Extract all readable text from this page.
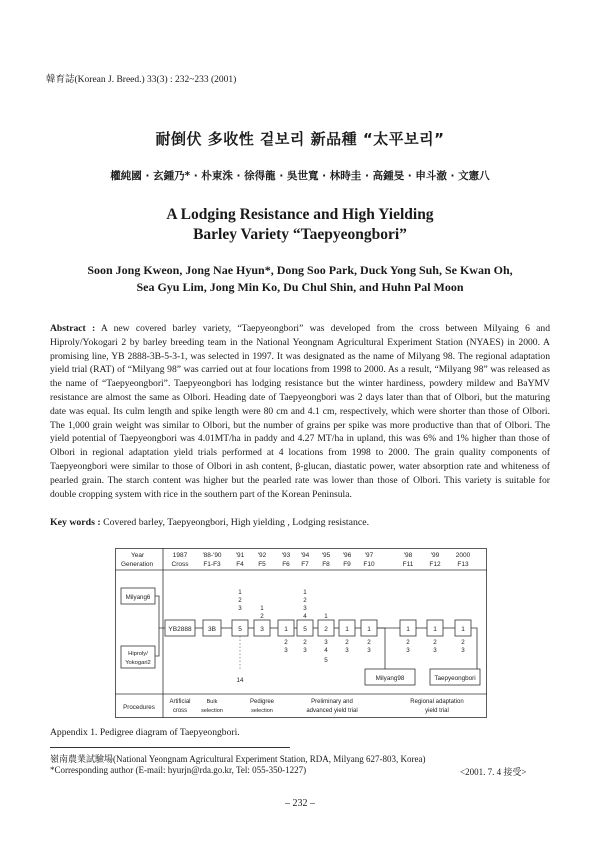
韓育誌(Korean J. Breed.) 33(3) : 232~233 (2001)
耐倒伏 多收性 겉보리 新品種 “太平보리”
權純國 · 玄鍾乃* · 朴東洙 · 徐得龍 · 吳世寬 · 林時圭 · 高鍾旻 · 申斗澈 · 文憲八
A Lodging Resistance and High Yielding
Barley Variety “Taepyeongbori”
Soon Jong Kweon, Jong Nae Hyun*, Dong Soo Park, Duck Yong Suh, Se Kwan Oh,
Sea Gyu Lim, Jong Min Ko, Du Chul Shin, and Huhn Pal Moon
Abstract : A new covered barley variety, “Taepyeongbori” was developed from the cross between Milyaing 6 and Hiproly/Yokogari 2 by barley breeding team in the National Yeongnam Agricultural Experiment Station (NYAES) in 2000. A promising line, YB 2888-3B-5-3-1, was selected in 1997. It was designated as the name of Milyang 98. The regional adaptation yield trial (RAT) of “Milyang 98” was carried out at four locations from 1998 to 2000. As a result, “Milyang 98” was released as the name of “Taepyeongbori”. Taepyeongbori has lodging resistance but the winter hardiness, powdery mildew and BaYMV resistance are almost the same as Olbori. Heading date of Taepyeongbori was 2 days later than that of Olbori, but the maturing date was equal. Its culm length and spike length were 80 cm and 4.1 cm, respectively, which were shorter than those of Olbori. The 1,000 grain weight was similar to Olbori, but the number of grains per spike was more productive than that of Olbori. The yield potential of Taepyeongbori was 4.01MT/ha in paddy and 4.27 MT/ha in upland, this was 6% and 1% higher than those of Olbori in regional adaptation yield trials performed at 4 locations from 1998 to 2000. The grain quality components of Taepyeongbori were similar to those of Olbori in ash content, β-glucan, diastatic power, water absorption rate and whiteness of pearled grain. The starch content was higher but the pearled rate was lower than those of Olbori. This variety is suitable for double cropping system with rice in the southern part of the Korean Peninsula.
Key words : Covered barley, Taepyeongbori, High yielding , Lodging resistance.
Year
Generation
1987 '88-'90 '91 '92 '93 '94 '95 '96 '97	'98	'99	2000
Cross F1-F3 F4 F5	F6 F7 F8 F9 F10	F11 F12	F13
Milyang6
Hiproly/
Yokogari2
YB2888	3B	5	3	1 5	2	1	1	1	1	1
1
2
3	1
2
1
2
3
4	1
14
2
3
2
3
3
4
5
2
3
2
3
2
3
2
3
2
3
Milyang98	Taepyeongbori
Procedures
Artificial
cross
Bulk
selection
Pedigree
selection
Preliminary and
advanced yield trial
Regional adaptation
yield trial
Appendix 1. Pedigree diagram of Taepyeongbori.
嶺南農業試驗場(National Yeongnam Agricultural Experiment Station, RDA, Milyang 627-803, Korea)
*Corresponding author (E-mail: hyurjn@rda.go.kr, Tel: 055-350-1227)	<2001. 7. 4 接受>
– 232 –
